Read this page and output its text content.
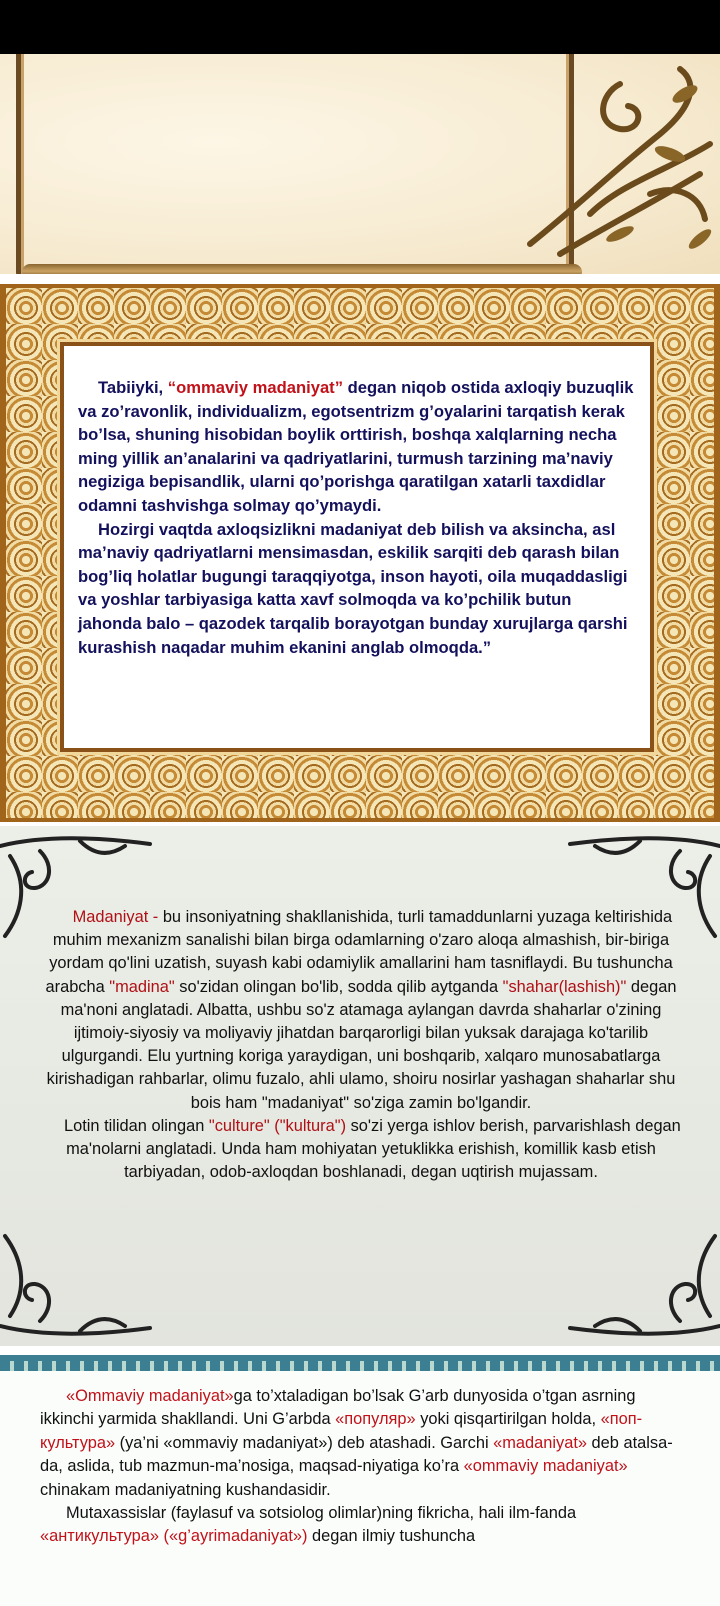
Tabiiyki, “ommaviy madaniyat” degan niqob ostida axloqiy buzuqlik va zo’ravonlik, individualizm, egotsentrizm g’oyalarini tarqatish kerak bo’lsa, shuning hisobidan boylik orttirish, boshqa xalqlarning necha ming yillik an’analarini va qadriyatlarini, turmush tarzining ma’naviy negiziga bepisandlik, ularni qo’porishga qaratilgan xatarli taxdidlar odamni tashvishga solmay qo’ymaydi.

Hozirgi vaqtda axloqsizlikni madaniyat deb bilish va aksincha, asl ma’naviy qadriyatlarni mensimasdan, eskilik sarqiti deb qarash bilan bog’liq holatlar bugungi taraqqiyotga, inson hayoti, oila muqaddasligi va yoshlar tarbiyasiga katta xavf solmoqda va ko’pchilik butun jahonda balo – qazodek tarqalib borayotgan bunday xurujlarga qarshi kurashish naqadar muhim ekanini anglab olmoqda.”

Madaniyat - bu insoniyatning shakllanishida, turli tamaddunlarni yuzaga keltirishida muhim mexanizm sanalishi bilan birga odamlarning o'zaro aloqa almashish, bir-biriga yordam qo'lini uzatish, suyash kabi odamiylik amallarini ham tasniflaydi. Bu tushuncha arabcha "madina" so'zidan olingan bo'lib, sodda qilib aytganda "shahar(lashish)" degan ma'noni anglatadi. Albatta, ushbu so'z atamaga aylangan davrda shaharlar o'zining ijtimoiy-siyosiy va moliyaviy jihatdan barqarorligi bilan yuksak darajaga ko'tarilib ulgurgandi. Elu yurtning koriga yaraydigan, uni boshqarib, xalqaro munosabatlarga kirishadigan rahbarlar, olimu fuzalo, ahli ulamo, shoiru nosirlar yashagan shaharlar shu bois ham "madaniyat" so'ziga zamin bo'lgandir.

Lotin tilidan olingan "culture" ("kultura") so'zi yerga ishlov berish, parvarishlash degan ma'nolarni anglatadi. Unda ham mohiyatan yetuklikka erishish, komillik kasb etish tarbiyadan, odob-axloqdan boshlanadi, degan uqtirish mujassam.

«Ommaviy madaniyat»ga to’xtaladigan bo’lsak G’arb dunyosida o’tgan asrning ikkinchi yarmida shakllandi. Uni G’arbda «популяр» yoki qisqartirilgan holda, «поп-культура» (ya’ni «ommaviy madaniyat») deb atashadi. Garchi «madaniyat» deb atalsa-da, aslida, tub mazmun-ma’nosiga, maqsad-niyatiga ko’ra «ommaviy madaniyat» chinakam madaniyatning kushandasidir.

Mutaxassislar (faylasuf va sotsiolog olimlar)ning fikricha, hali ilm-fanda «антикультура» («g’ayrimadaniyat») degan ilmiy tushuncha
